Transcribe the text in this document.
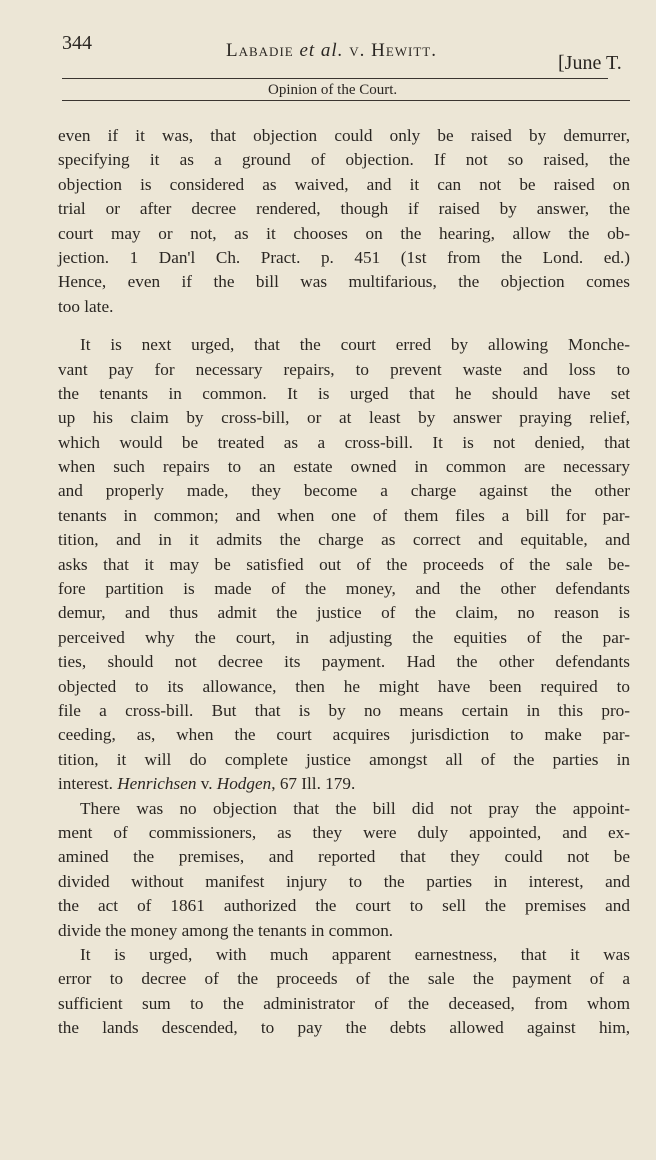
344	Labadie et al. v. Hewitt.
[June T.
Opinion of the Court.
even if it was, that objection could only be raised by demurrer,
specifying it as a ground of objection. If not so raised, the
objection is considered as waived, and it can not be raised on
trial or after decree rendered, though if raised by answer, the
court may or not, as it chooses on the hearing, allow the ob-
jection. 1 Dan'l Ch. Pract. p. 451 (1st from the Lond. ed.)
Hence, even if the bill was multifarious, the objection comes
too late.
It is next urged, that the court erred by allowing Monche-
vant pay for necessary repairs, to prevent waste and loss to
the tenants in common. It is urged that he should have set
up his claim by cross-bill, or at least by answer praying relief,
which would be treated as a cross-bill. It is not denied, that
when such repairs to an estate owned in common are necessary
and properly made, they become a charge against the other
tenants in common; and when one of them files a bill for par-
tition, and in it admits the charge as correct and equitable, and
asks that it may be satisfied out of the proceeds of the sale be-
fore partition is made of the money, and the other defendants
demur, and thus admit the justice of the claim, no reason is
perceived why the court, in adjusting the equities of the par-
ties, should not decree its payment. Had the other defendants
objected to its allowance, then he might have been required to
file a cross-bill. But that is by no means certain in this pro-
ceeding, as, when the court acquires jurisdiction to make par-
tition, it will do complete justice amongst all of the parties in
interest. Henrichsen v. Hodgen, 67 Ill. 179.
There was no objection that the bill did not pray the appoint-
ment of commissioners, as they were duly appointed, and ex-
amined the premises, and reported that they could not be
divided without manifest injury to the parties in interest, and
the act of 1861 authorized the court to sell the premises and
divide the money among the tenants in common.
It is urged, with much apparent earnestness, that it was
error to decree of the proceeds of the sale the payment of a
sufficient sum to the administrator of the deceased, from whom
the lands descended, to pay the debts allowed against him,
